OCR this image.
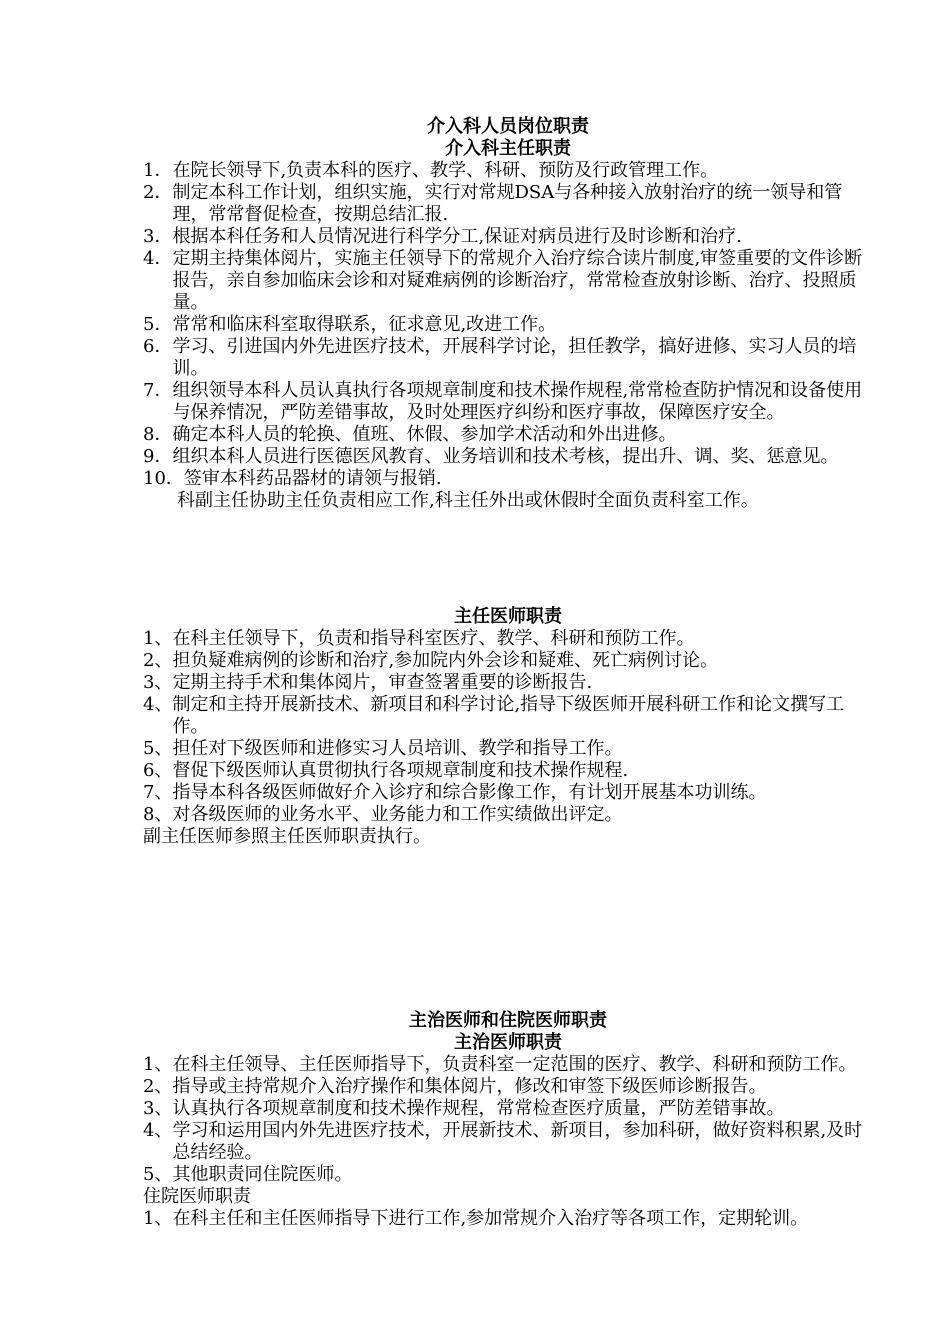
介入科人员岗位职责

介入科主任职责

1． 在院长领导下,负责本科的医疗、教学、科研、预防及行政管理工作。
2． 制定本科工作计划，组织实施，实行对常规DSA与各种接入放射治疗的统一领导和管理，常常督促检查，按期总结汇报.
3． 根据本科任务和人员情况进行科学分工,保证对病员进行及时诊断和治疗.
4． 定期主持集体阅片，实施主任领导下的常规介入治疗综合读片制度,审签重要的文件诊断报告，亲自参加临床会诊和对疑难病例的诊断治疗，常常检查放射诊断、治疗、投照质量。
5． 常常和临床科室取得联系，征求意见,改进工作。
6． 学习、引进国内外先进医疗技术，开展科学讨论，担任教学，搞好进修、实习人员的培训。
7． 组织领导本科人员认真执行各项规章制度和技术操作规程,常常检查防护情况和设备使用与保养情况，严防差错事故，及时处理医疗纠纷和医疗事故，保障医疗安全。
8． 确定本科人员的轮换、值班、休假、参加学术活动和外出进修。
9． 组织本科人员进行医德医风教育、业务培训和技术考核，提出升、调、奖、惩意见。
10． 签审本科药品器材的请领与报销.

科副主任协助主任负责相应工作,科主任外出或休假时全面负责科室工作。

主任医师职责

1、 在科主任领导下，负责和指导科室医疗、教学、科研和预防工作。
2、 担负疑难病例的诊断和治疗,参加院内外会诊和疑难、死亡病例讨论。
3、 定期主持手术和集体阅片，审查签署重要的诊断报告.
4、 制定和主持开展新技术、新项目和科学讨论,指导下级医师开展科研工作和论文撰写工作。
5、 担任对下级医师和进修实习人员培训、教学和指导工作。
6、 督促下级医师认真贯彻执行各项规章制度和技术操作规程.
7、 指导本科各级医师做好介入诊疗和综合影像工作，有计划开展基本功训练。
8、 对各级医师的业务水平、业务能力和工作实绩做出评定。

副主任医师参照主任医师职责执行。

主治医师和住院医师职责

主治医师职责

1、 在科主任领导、主任医师指导下，负责科室一定范围的医疗、教学、科研和预防工作。
2、 指导或主持常规介入治疗操作和集体阅片，修改和审签下级医师诊断报告。
3、 认真执行各项规章制度和技术操作规程，常常检查医疗质量，严防差错事故。
4、 学习和运用国内外先进医疗技术，开展新技术、新项目，参加科研，做好资料积累,及时总结经验。
5、 其他职责同住院医师。

住院医师职责

1、 在科主任和主任医师指导下进行工作,参加常规介入治疗等各项工作，定期轮训。
